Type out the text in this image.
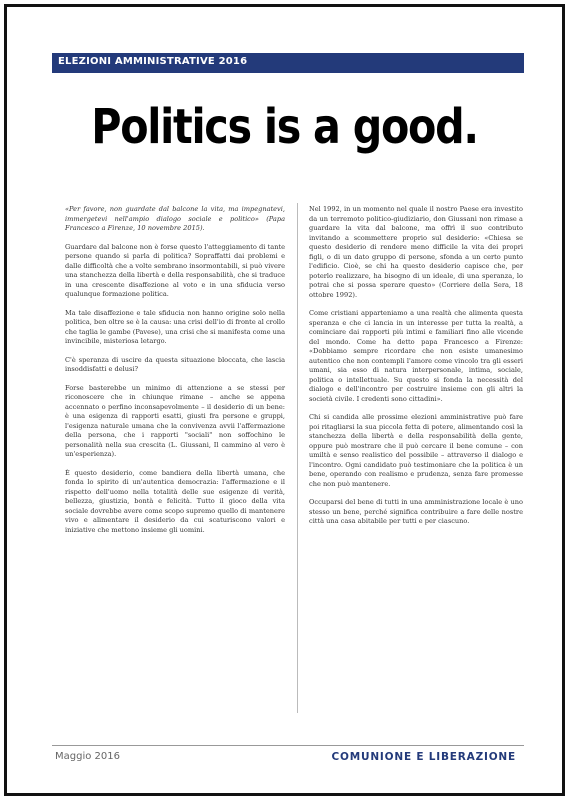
ELEZIONI AMMINISTRATIVE 2016
Politics is a good.

«Per favore, non guardate dal balcone la vita, ma impegnatevi, immergetevi nell'ampio dialogo sociale e politico» (Papa Francesco a Firenze, 10 novembre 2015).

Guardare dal balcone non è forse questo l'atteggiamento di tante persone quando si parla di politica? Sopraffatti dai problemi e dalle difficoltà che a volte sembrano insormontabili, si può vivere una stanchezza della libertà e della responsabilità, che si traduce in una crescente disaffezione al voto e in una sfiducia verso qualunque formazione politica.

Ma tale disaffezione e tale sfiducia non hanno origine solo nella politica, ben oltre se è la causa: una crisi dell'io di fronte al crollo che taglia le gambe (Pavese), una crisi che si manifesta come una invincibile, misteriosa letargo.

C'è speranza di uscire da questa situazione bloccata, che lascia insoddisfatti e delusi?

Forse basterebbe un minimo di attenzione a se stessi per riconoscere che in chiunque rimane – anche se appena accennato o perfino inconsapevolmente – il desiderio di un bene: è una esigenza di rapporti esatti, giusti fra persone e gruppi, l'esigenza naturale umana che la convivenza avvii l'affermazione della persona, che i rapporti "sociali" non soffochino le personalità nella sua crescita (L. Giussani, Il cammino al vero è un'esperienza).

È questo desiderio, come bandiera della libertà umana, che fonda lo spirito di un'autentica democrazia: l'affermazione e il rispetto dell'uomo nella totalità delle sue esigenze di verità, bellezza, giustizia, bontà e felicità. Tutto il gioco della vita sociale dovrebbe avere come scopo supremo quello di mantenere vivo e alimentare il desiderio da cui scaturiscono valori e iniziative che mettono insieme gli uomini.

Nel 1992, in un momento nel quale il nostro Paese era investito da un terremoto politico-giudiziario, don Giussani non rimase a guardare la vita dal balcone, ma offrì il suo contributo invitando a scommettere proprio sul desiderio: «Chiesa se questo desiderio di rendere meno difficile la vita dei propri figli, o di un dato gruppo di persone, sfonda a un certo punto l'edificio. Cioè, se chi ha questo desiderio capisce che, per poterlo realizzare, ha bisogno di un ideale, di una speranza, lo potrai che si possa sperare questo» (Corriere della Sera, 18 ottobre 1992).

Come cristiani apparteniamo a una realtà che alimenta questa speranza e che ci lancia in un interesse per tutta la realtà, a cominciare dai rapporti più intimi e familiari fino alle vicende del mondo. Come ha detto papa Francesco a Firenze: «Dobbiamo sempre ricordare che non esiste umanesimo autentico che non contempli l'amore come vincolo tra gli esseri umani, sia esso di natura interpersonale, intima, sociale, politica o intellettuale. Su questo si fonda la necessità del dialogo e dell'incontro per costruire insieme con gli altri la società civile. I credenti sono cittadini».

Chi si candida alle prossime elezioni amministrative può fare poi ritagliarsi la sua piccola fetta di potere, alimentando così la stanchezza della libertà e della responsabilità della gente, oppure può mostrare che il può cercare il bene comune – con umiltà e senso realistico del possibile – attraverso il dialogo e l'incontro. Ogni candidato può testimoniare che la politica è un bene, operando con realismo e prudenza, senza fare promesse che non può mantenere.

Occuparsi del bene di tutti in una amministrazione locale è uno stesso un bene, perché significa contribuire a fare delle nostre città una casa abitabile per tutti e per ciascuno.

Maggio 2016	COMUNIONE E LIBERAZIONE
